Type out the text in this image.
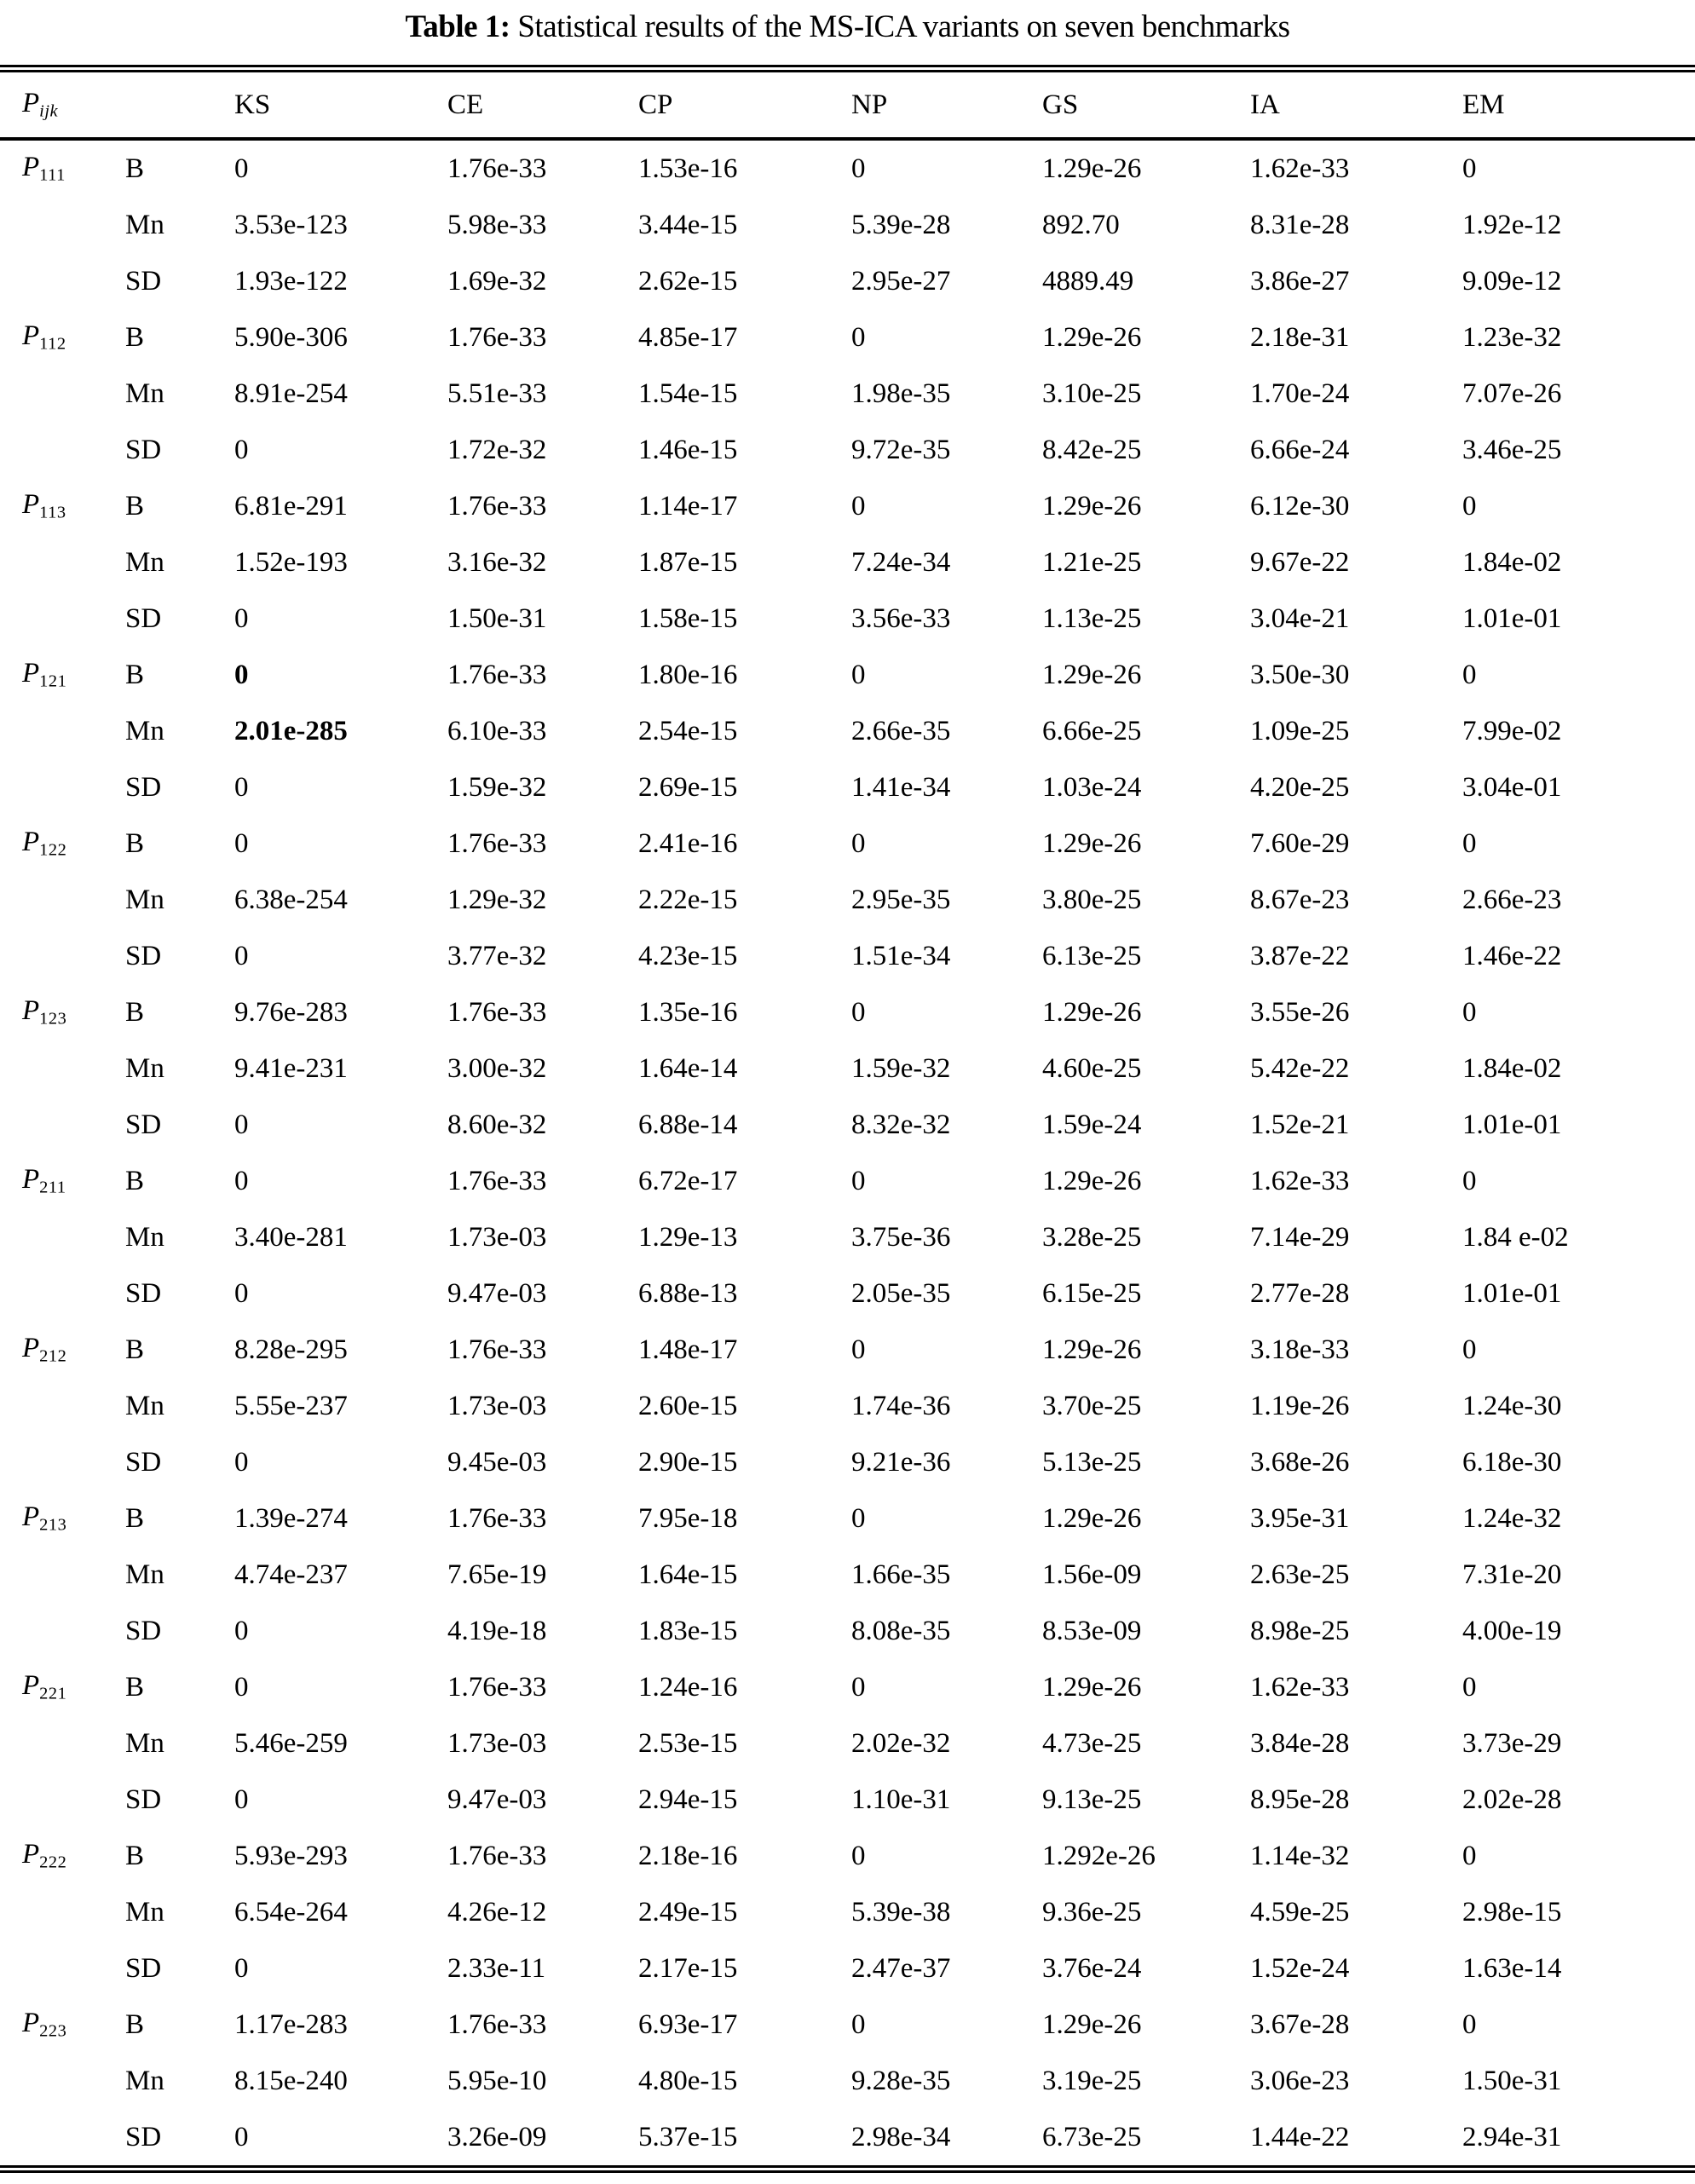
Table 1: Statistical results of the MS-ICA variants on seven benchmarks
Pijk		KS	CE	CP	NP	GS	IA	EM
P111	B	0	1.76e-33	1.53e-16	0	1.29e-26	1.62e-33	0
	Mn	3.53e-123	5.98e-33	3.44e-15	5.39e-28	892.70	8.31e-28	1.92e-12
	SD	1.93e-122	1.69e-32	2.62e-15	2.95e-27	4889.49	3.86e-27	9.09e-12
P112	B	5.90e-306	1.76e-33	4.85e-17	0	1.29e-26	2.18e-31	1.23e-32
	Mn	8.91e-254	5.51e-33	1.54e-15	1.98e-35	3.10e-25	1.70e-24	7.07e-26
	SD	0	1.72e-32	1.46e-15	9.72e-35	8.42e-25	6.66e-24	3.46e-25
P113	B	6.81e-291	1.76e-33	1.14e-17	0	1.29e-26	6.12e-30	0
	Mn	1.52e-193	3.16e-32	1.87e-15	7.24e-34	1.21e-25	9.67e-22	1.84e-02
	SD	0	1.50e-31	1.58e-15	3.56e-33	1.13e-25	3.04e-21	1.01e-01
P121	B	0	1.76e-33	1.80e-16	0	1.29e-26	3.50e-30	0
	Mn	2.01e-285	6.10e-33	2.54e-15	2.66e-35	6.66e-25	1.09e-25	7.99e-02
	SD	0	1.59e-32	2.69e-15	1.41e-34	1.03e-24	4.20e-25	3.04e-01
P122	B	0	1.76e-33	2.41e-16	0	1.29e-26	7.60e-29	0
	Mn	6.38e-254	1.29e-32	2.22e-15	2.95e-35	3.80e-25	8.67e-23	2.66e-23
	SD	0	3.77e-32	4.23e-15	1.51e-34	6.13e-25	3.87e-22	1.46e-22
P123	B	9.76e-283	1.76e-33	1.35e-16	0	1.29e-26	3.55e-26	0
	Mn	9.41e-231	3.00e-32	1.64e-14	1.59e-32	4.60e-25	5.42e-22	1.84e-02
	SD	0	8.60e-32	6.88e-14	8.32e-32	1.59e-24	1.52e-21	1.01e-01
P211	B	0	1.76e-33	6.72e-17	0	1.29e-26	1.62e-33	0
	Mn	3.40e-281	1.73e-03	1.29e-13	3.75e-36	3.28e-25	7.14e-29	1.84 e-02
	SD	0	9.47e-03	6.88e-13	2.05e-35	6.15e-25	2.77e-28	1.01e-01
P212	B	8.28e-295	1.76e-33	1.48e-17	0	1.29e-26	3.18e-33	0
	Mn	5.55e-237	1.73e-03	2.60e-15	1.74e-36	3.70e-25	1.19e-26	1.24e-30
	SD	0	9.45e-03	2.90e-15	9.21e-36	5.13e-25	3.68e-26	6.18e-30
P213	B	1.39e-274	1.76e-33	7.95e-18	0	1.29e-26	3.95e-31	1.24e-32
	Mn	4.74e-237	7.65e-19	1.64e-15	1.66e-35	1.56e-09	2.63e-25	7.31e-20
	SD	0	4.19e-18	1.83e-15	8.08e-35	8.53e-09	8.98e-25	4.00e-19
P221	B	0	1.76e-33	1.24e-16	0	1.29e-26	1.62e-33	0
	Mn	5.46e-259	1.73e-03	2.53e-15	2.02e-32	4.73e-25	3.84e-28	3.73e-29
	SD	0	9.47e-03	2.94e-15	1.10e-31	9.13e-25	8.95e-28	2.02e-28
P222	B	5.93e-293	1.76e-33	2.18e-16	0	1.292e-26	1.14e-32	0
	Mn	6.54e-264	4.26e-12	2.49e-15	5.39e-38	9.36e-25	4.59e-25	2.98e-15
	SD	0	2.33e-11	2.17e-15	2.47e-37	3.76e-24	1.52e-24	1.63e-14
P223	B	1.17e-283	1.76e-33	6.93e-17	0	1.29e-26	3.67e-28	0
	Mn	8.15e-240	5.95e-10	4.80e-15	9.28e-35	3.19e-25	3.06e-23	1.50e-31
	SD	0	3.26e-09	5.37e-15	2.98e-34	6.73e-25	1.44e-22	2.94e-31
